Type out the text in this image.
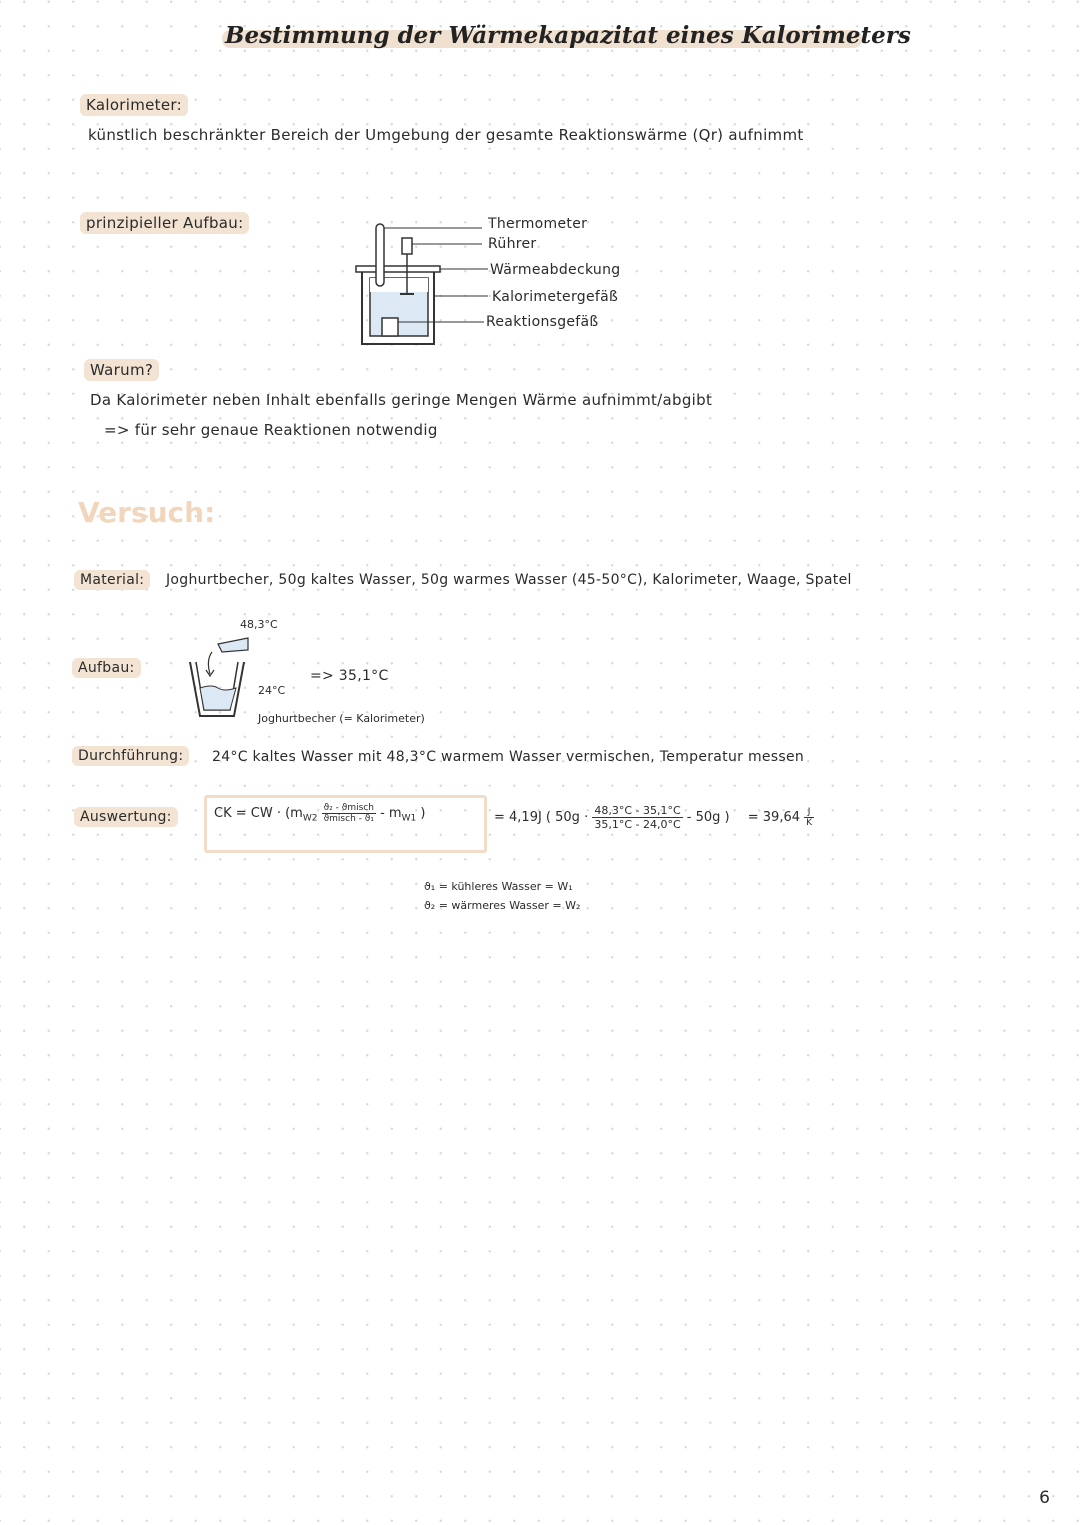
Bestimmung der Wärmekapazitat eines Kalorimeters
Kalorimeter:
künstlich beschränkter Bereich der Umgebung der gesamte Reaktionswärme (Qr) aufnimmt
prinzipieller Aufbau:	Thermometer
Rührer
Wärmeabdeckung
Kalorimetergefäß
Reaktionsgefäß
Warum?
Da Kalorimeter neben Inhalt ebenfalls geringe Mengen Wärme aufnimmt/abgibt
=> für sehr genaue Reaktionen notwendig
Versuch:
Material:	Joghurtbecher, 50g kaltes Wasser, 50g warmes Wasser (45-50°C), Kalorimeter, Waage, Spatel
Aufbau:
48,3°C
24°C
=> 35,1°C
Joghurtbecher (= Kalorimeter)
Durchführung:	24°C kaltes Wasser mit 48,3°C warmem Wasser vermischen, Temperatur messen
Auswertung:	CK = CW · ($m_{W2} \frac{\text{ϑ₂ - ϑmisch}}{\text{ϑmisch - ϑ₁}} - m_{W1}$ )	= 4,19J ( $50g \cdot \frac{48,3^\circ C - 35,1^\circ C}{35,1^\circ C - 24,0^\circ C} - 50g$ ) = $39,64 \frac{J}{K}$
ϑ₁ = kühleres Wasser = W₁
ϑ₂ = wärmeres Wasser = W₂
6
